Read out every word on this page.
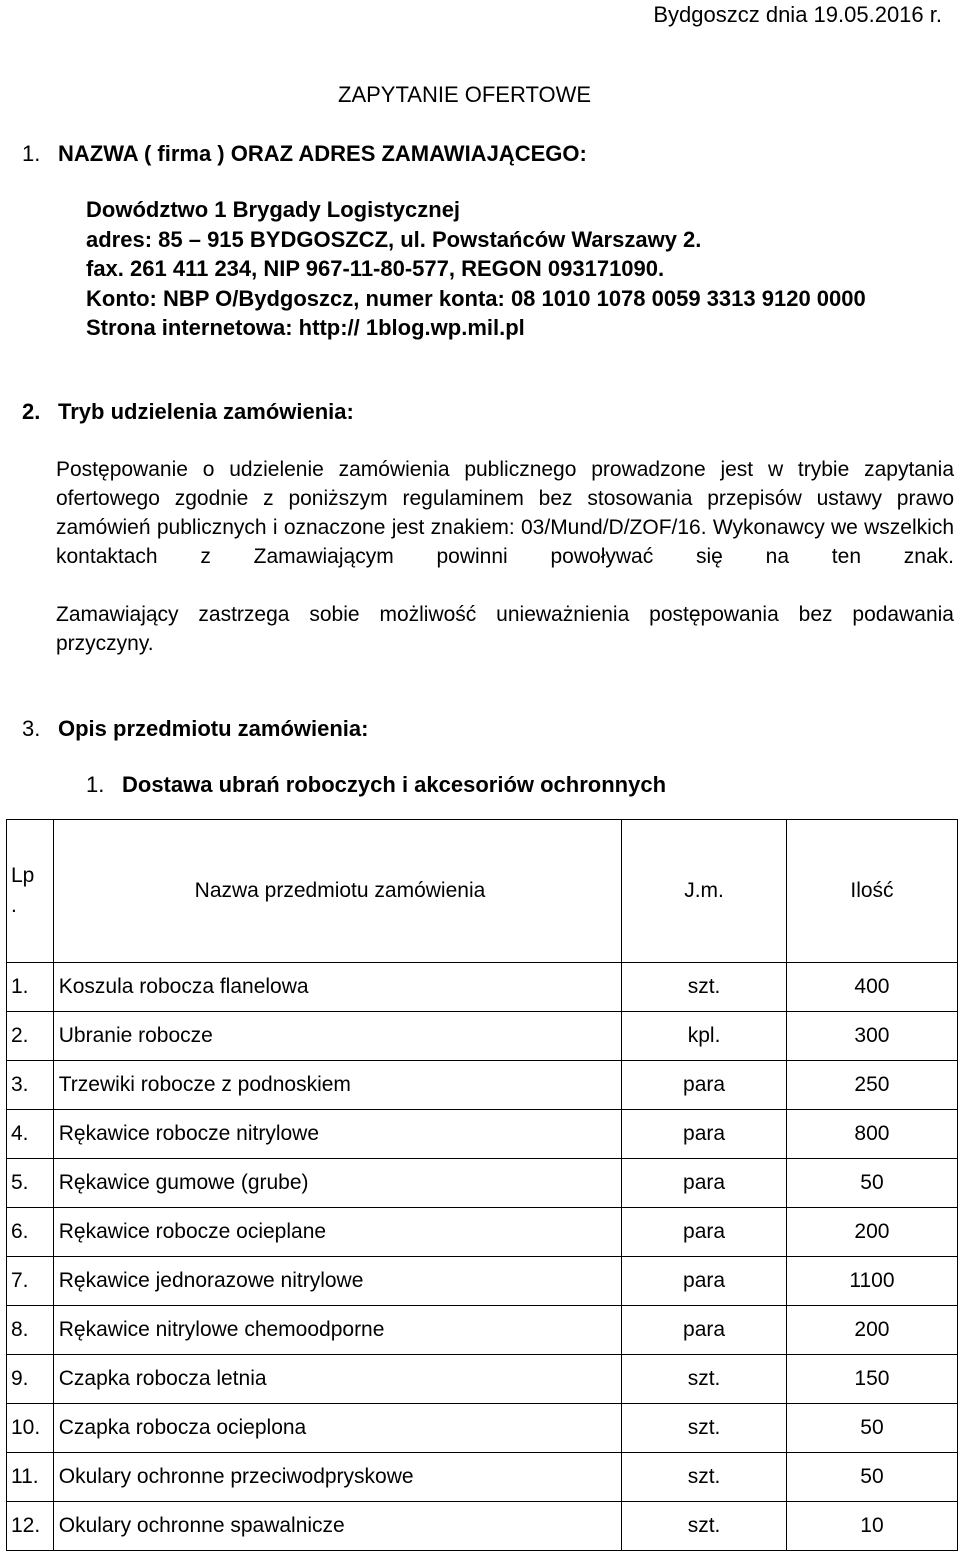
Bydgoszcz dnia 19.05.2016 r.
ZAPYTANIE OFERTOWE
1. NAZWA ( firma ) ORAZ ADRES ZAMAWIAJĄCEGO:
Dowództwo 1 Brygady Logistycznej
adres: 85 – 915 BYDGOSZCZ, ul. Powstańców Warszawy 2.
fax. 261 411 234, NIP 967-11-80-577, REGON 093171090.
Konto: NBP O/Bydgoszcz, numer konta: 08 1010 1078 0059 3313 9120 0000
Strona internetowa: http:// 1blog.wp.mil.pl
2. Tryb udzielenia zamówienia:
Postępowanie o udzielenie zamówienia publicznego prowadzone jest w trybie zapytania ofertowego zgodnie z poniższym regulaminem bez stosowania przepisów ustawy prawo zamówień publicznych i oznaczone jest znakiem: 03/Mund/D/ZOF/16. Wykonawcy we wszelkich kontaktach z Zamawiającym powinni powoływać się na ten znak.
Zamawiający zastrzega sobie możliwość unieważnienia postępowania bez podawania przyczyny.
3. Opis przedmiotu zamówienia:
1. Dostawa ubrań roboczych i akcesoriów ochronnych
Lp
.	Nazwa przedmiotu zamówienia	J.m.	Ilość
1.	Koszula robocza flanelowa	szt.	400
2.	Ubranie robocze	kpl.	300
3.	Trzewiki robocze z podnoskiem	para	250
4.	Rękawice robocze nitrylowe	para	800
5.	Rękawice gumowe (grube)	para	50
6.	Rękawice robocze ocieplane	para	200
7.	Rękawice jednorazowe nitrylowe	para	1100
8.	Rękawice nitrylowe chemoodporne	para	200
9.	Czapka robocza letnia	szt.	150
10.	Czapka robocza ocieplona	szt.	50
11.	Okulary ochronne przeciwodpryskowe	szt.	50
12.	Okulary ochronne spawalnicze	szt.	10
